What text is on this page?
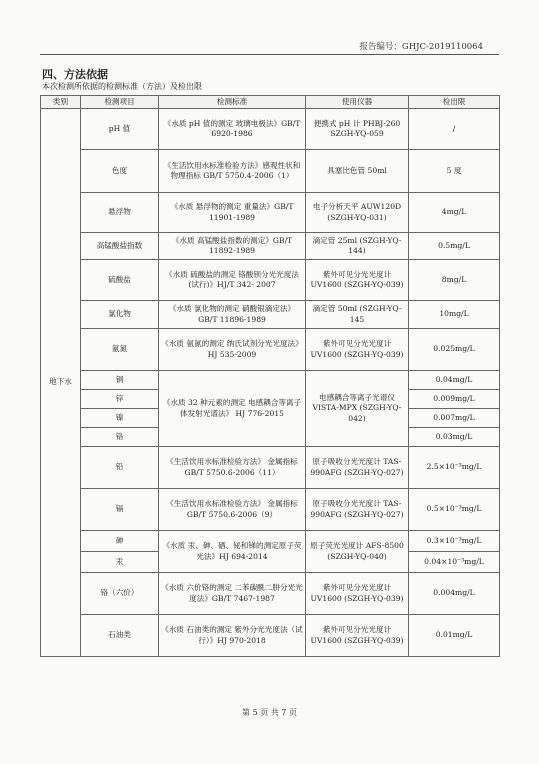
报告编号：GHJC-2019110064
四、方法依据
本次检测所依据的检测标准（方法）及检出限
类别	检测项目	检测标准	使用仪器	检出限
地下水	pH 值	《水质 pH 值的测定 玻璃电极法》GB/T 6920-1986	便携式 pH 计 PHBJ-260 SZGH-YQ-059	/
	色度	《生活饮用水标准检验方法》感观性状和物理指标 GB/T 5750.4-2006（1）	具塞比色管 50ml	5 度
	悬浮物	《水质 悬浮物的测定 重量法》GB/T 11901-1989	电子分析天平 AUW120D (SZGH-YQ-031)	4mg/L
	高锰酸盐指数	《水质 高锰酸盐指数的测定》GB/T 11892-1989	滴定管 25ml (SZGH-YQ-144)	0.5mg/L
	硫酸盐	《水质 硫酸盐的测定 铬酸钡分光光度法(试行)》HJ/T 342- 2007	紫外可见分光光度计 UV1600 (SZGH-YQ-039)	8mg/L
	氯化物	《水质 氯化物的测定 硝酸银滴定法》 GB/T 11896-1989	滴定管 50ml (SZGH-YQ-145	10mg/L
	氨氮	《水质 氨氮的测定 纳氏试剂分光光度法》HJ 535-2009	紫外可见分光光度计 UV1600 (SZGH-YQ-039)	0.025mg/L
	铜	《水质 32 种元素的测定 电感耦合等离子体发射光谱法》 HJ 776-2015	电感耦合等离子光谱仪 VISTA-MPX (SZGH-YQ-042)	0.04mg/L
	锌			0.009mg/L
	镍			0.007mg/L
	铬			0.03mg/L
	铅	《生活饮用水标准检验方法》 金属指标 GB/T 5750.6-2006（11）	原子吸收分光光度计 TAS-990AFG (SZGH-YQ-027)	2.5×10⁻³mg/L
	镉	《生活饮用水标准检验方法》 金属指标 GB/T 5750.6-2006（9）	原子吸收分光光度计 TAS-990AFG (SZGH-YQ-027)	0.5×10⁻³mg/L
	砷	《水质 汞、砷、硒、铋和锑的测定原子荧光法》HJ 694-2014	原子荧光光度计 AFS-8500 (SZGH-YQ-040)	0.3×10⁻³mg/L
	汞			0.04×10⁻³mg/L
	铬（六价）	《水质 六价铬的测定 二苯碳酰二肼分光光度法》GB/T 7467-1987	紫外可见分光光度计 UV1600 (SZGH-YQ-039)	0.004mg/L
	石油类	《水质 石油类的测定 紫外分光光度法（试行）》HJ 970-2018	紫外可见分光光度计 UV1600 (SZGH-YQ-039)	0.01mg/L
第 5 页 共 7 页
